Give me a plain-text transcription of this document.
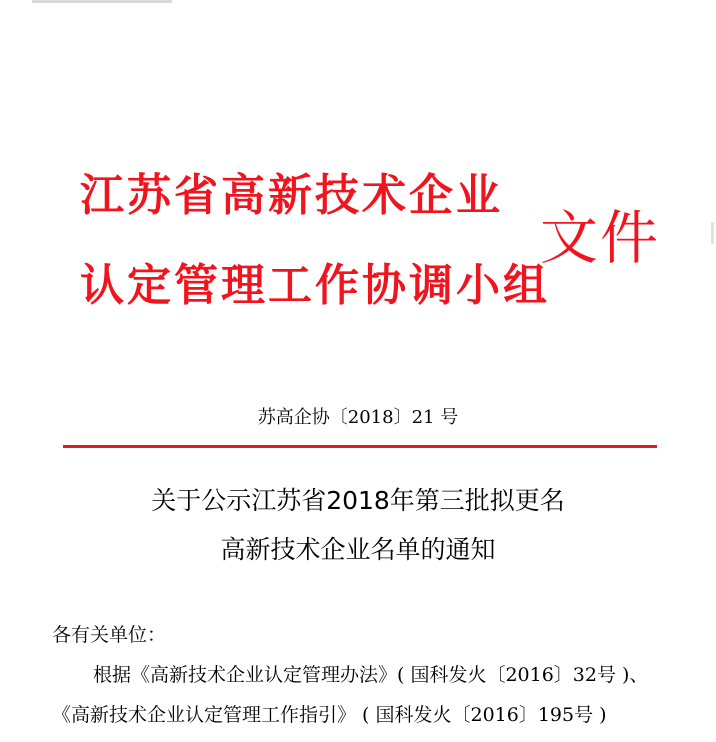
江苏省高新技术企业
认定管理工作协调小组
文件
苏高企协〔2018〕21 号
关于公示江苏省2018年第三批拟更名
高新技术企业名单的通知
各有关单位：
根据《高新技术企业认定管理办法》( 国科发火〔2016〕32号 )、
《高新技术企业认定管理工作指引》 ( 国科发火〔2016〕195号 )
